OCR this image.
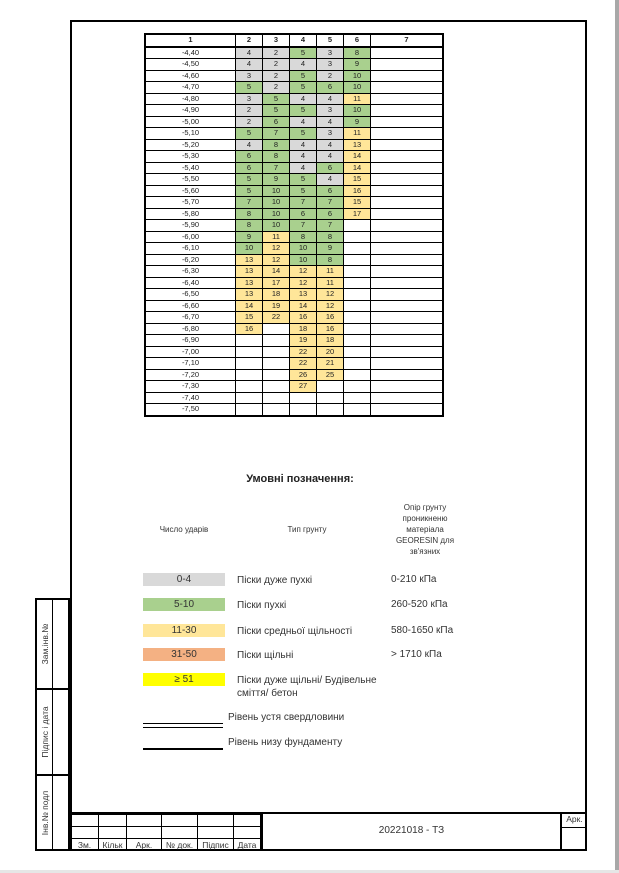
1	2	3	4	5	6	7
-4,40	4	2	5	3	8	
-4,50	4	2	4	3	9	
-4,60	3	2	5	2	10	
-4,70	5	2	5	6	10	
-4,80	3	5	4	4	11	
-4,90	2	5	5	3	10	
-5,00	2	6	4	4	9	
-5,10	5	7	5	3	11	
-5,20	4	8	4	4	13	
-5,30	6	8	4	4	14	
-5,40	6	7	4	6	14	
-5,50	5	9	5	4	15	
-5,60	5	10	5	6	16	
-5,70	7	10	7	7	15	
-5,80	8	10	6	6	17	
-5,90	8	10	7	7		
-6,00	9	11	8	8		
-6,10	10	12	10	9		
-6,20	13	12	10	8		
-6,30	13	14	12	11		
-6,40	13	17	12	11		
-6,50	13	18	13	12		
-6,60	14	19	14	12		
-6,70	15	22	16	16		
-6,80	16		18	16		
-6,90			19	18		
-7,00			22	20		
-7,10			22	21		
-7,20			26	25		
-7,30			27			
-7,40						
-7,50						
Умовні позначення:
Число ударів	Тип грунту
Опір грунту проникненю матеріала GEORESIN для зв'язних
0-4	Піски дуже пухкі	0-210 кПа
5-10	Піски пухкі	260-520 кПа
11-30	Піски средньої щільності	580-1650 кПа
31-50	Піски щільні	> 1710 кПа
≥ 51	Піски дуже щільні/ Будівельне сміття/ бетон
Рівень устя свердловини
Рівень низу фундаменту
Зам.інв.№
Підпис і дата
Інв.№ подл

Зм.	Кільк	Арк.	№ док.	Підпис	Дата
20221018 - ТЗ
Арк.
